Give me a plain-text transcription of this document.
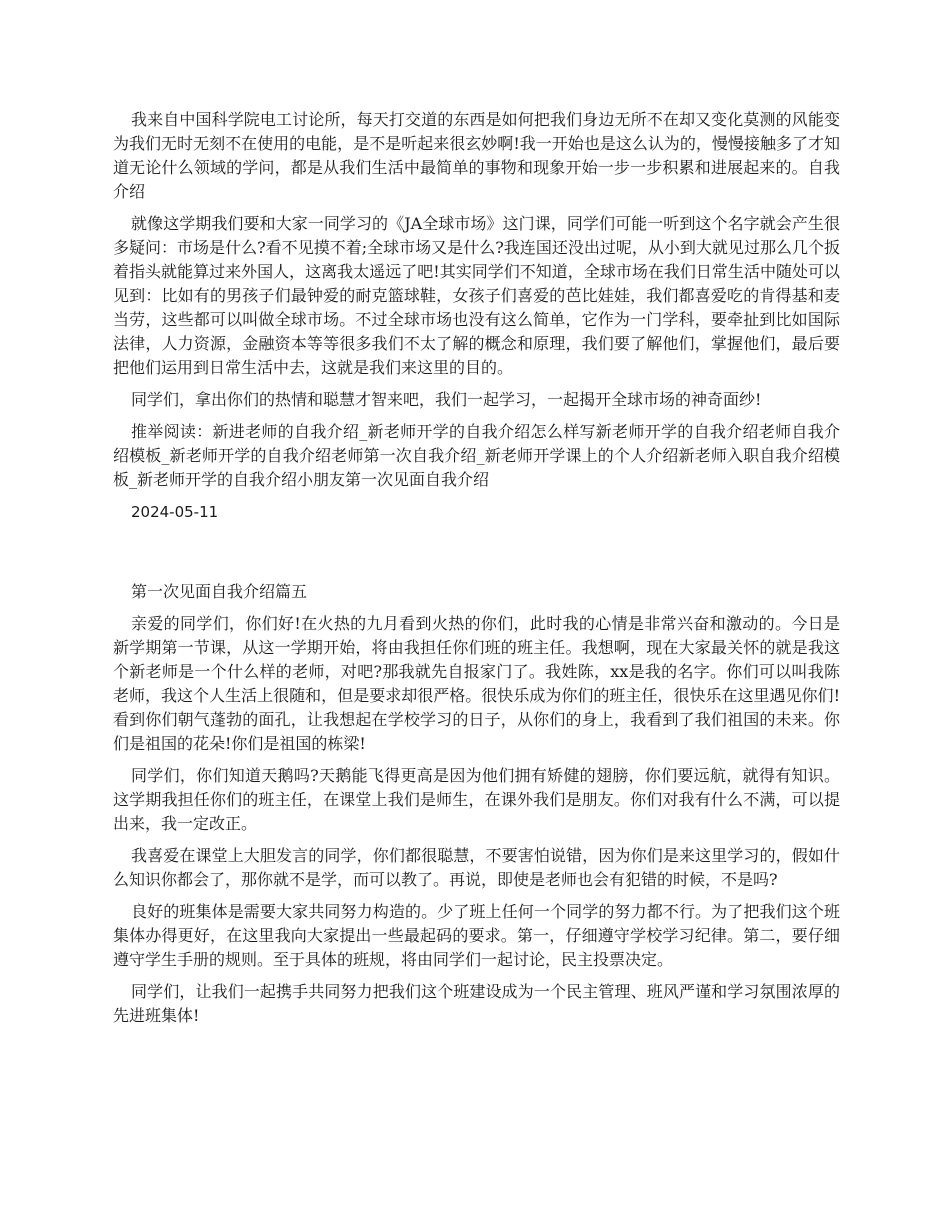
我来自中国科学院电工讨论所，每天打交道的东西是如何把我们身边无所不在却又变化莫测的风能变为我们无时无刻不在使用的电能，是不是听起来很玄妙啊!我一开始也是这么认为的，慢慢接触多了才知道无论什么领域的学问，都是从我们生活中最简单的事物和现象开始一步一步积累和进展起来的。自我介绍

就像这学期我们要和大家一同学习的《JA全球市场》这门课，同学们可能一听到这个名字就会产生很多疑问：市场是什么?看不见摸不着;全球市场又是什么?我连国还没出过呢，从小到大就见过那么几个扳着指头就能算过来外国人，这离我太遥远了吧!其实同学们不知道，全球市场在我们日常生活中随处可以见到：比如有的男孩子们最钟爱的耐克篮球鞋，女孩子们喜爱的芭比娃娃，我们都喜爱吃的肯得基和麦当劳，这些都可以叫做全球市场。不过全球市场也没有这么简单，它作为一门学科，要牵扯到比如国际法律，人力资源，金融资本等等很多我们不太了解的概念和原理，我们要了解他们，掌握他们，最后要把他们运用到日常生活中去，这就是我们来这里的目的。

同学们，拿出你们的热情和聪慧才智来吧，我们一起学习，一起揭开全球市场的神奇面纱!

推举阅读：新进老师的自我介绍_新老师开学的自我介绍怎么样写新老师开学的自我介绍老师自我介绍模板_新老师开学的自我介绍老师第一次自我介绍_新老师开学课上的个人介绍新老师入职自我介绍模板_新老师开学的自我介绍小朋友第一次见面自我介绍

2024-05-11

第一次见面自我介绍篇五

亲爱的同学们，你们好!在火热的九月看到火热的你们，此时我的心情是非常兴奋和激动的。今日是新学期第一节课，从这一学期开始，将由我担任你们班的班主任。我想啊，现在大家最关怀的就是我这个新老师是一个什么样的老师，对吧?那我就先自报家门了。我姓陈，xx是我的名字。你们可以叫我陈老师，我这个人生活上很随和，但是要求却很严格。很快乐成为你们的班主任，很快乐在这里遇见你们!看到你们朝气蓬勃的面孔，让我想起在学校学习的日子，从你们的身上，我看到了我们祖国的未来。你们是祖国的花朵!你们是祖国的栋梁!

同学们，你们知道天鹅吗?天鹅能飞得更高是因为他们拥有矫健的翅膀，你们要远航，就得有知识。这学期我担任你们的班主任，在课堂上我们是师生，在课外我们是朋友。你们对我有什么不满，可以提出来，我一定改正。

我喜爱在课堂上大胆发言的同学，你们都很聪慧，不要害怕说错，因为你们是来这里学习的，假如什么知识你都会了，那你就不是学，而可以教了。再说，即使是老师也会有犯错的时候，不是吗?

良好的班集体是需要大家共同努力构造的。少了班上任何一个同学的努力都不行。为了把我们这个班集体办得更好，在这里我向大家提出一些最起码的要求。第一，仔细遵守学校学习纪律。第二，要仔细遵守学生手册的规则。至于具体的班规，将由同学们一起讨论，民主投票决定。

同学们，让我们一起携手共同努力把我们这个班建设成为一个民主管理、班风严谨和学习氛围浓厚的先进班集体!
